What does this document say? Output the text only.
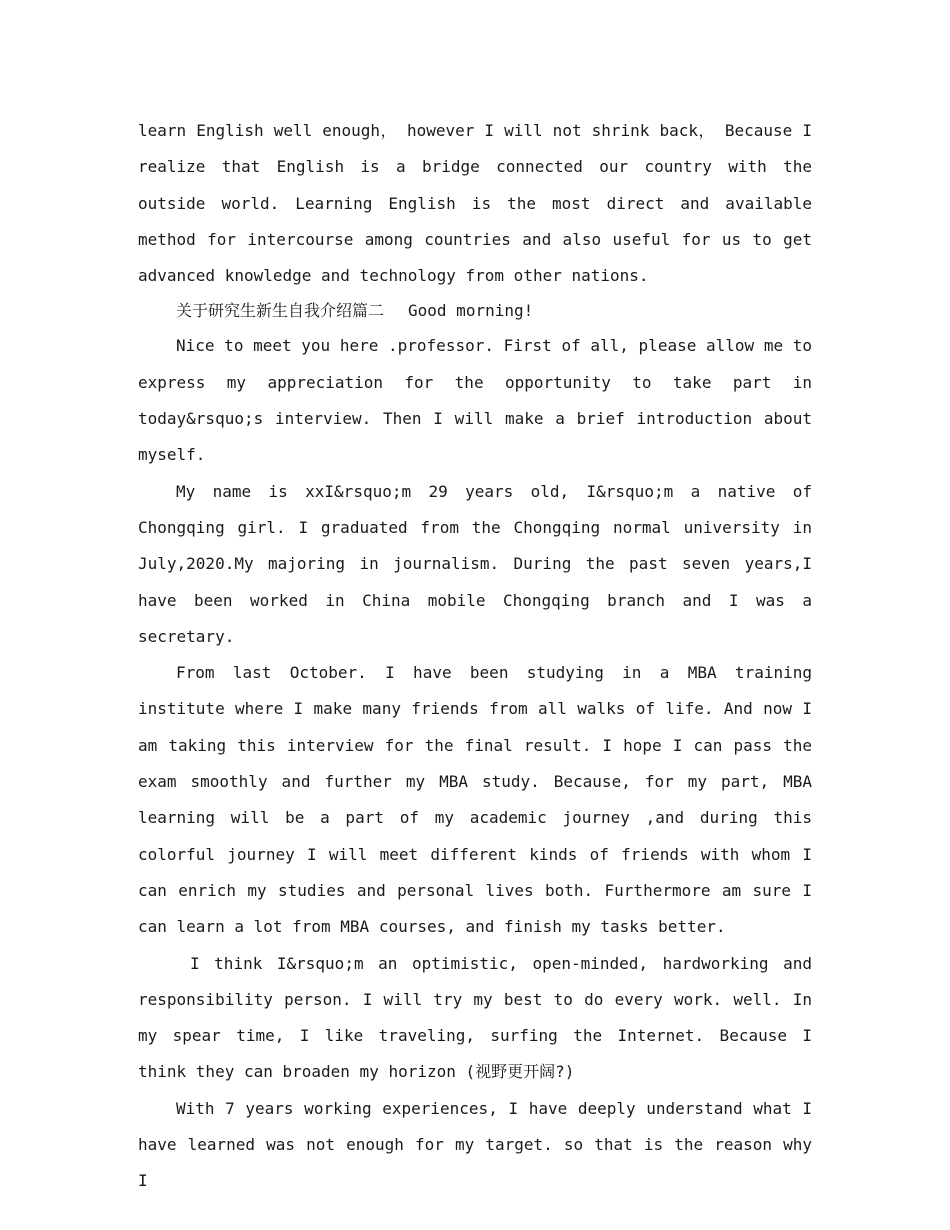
learn English well enough， however I will not shrink back， Because I realize that English is a bridge connected our country with the outside world. Learning English is the most direct and available method for intercourse among countries and also useful for us to get advanced knowledge and technology from other nations.

关于研究生新生自我介绍篇二 Good morning!

Nice to meet you here .professor. First of all, please allow me to express my appreciation for the opportunity to take part in today&rsquo;s interview. Then I will make a brief introduction about myself.

My name is xxI&rsquo;m 29 years old, I&rsquo;m a native of Chongqing girl. I graduated from the Chongqing normal university in July,2020.My majoring in journalism. During the past seven years,I have been worked in China mobile Chongqing branch and I was a secretary.

From last October. I have been studying in a MBA training institute where I make many friends from all walks of life. And now I am taking this interview for the final result. I hope I can pass the exam smoothly and further my MBA study. Because, for my part, MBA learning will be a part of my academic journey ,and during this colorful journey I will meet different kinds of friends with whom I can enrich my studies and personal lives both. Furthermore am sure I can learn a lot from MBA courses, and finish my tasks better.

I think I&rsquo;m an optimistic, open-minded, hardworking and responsibility person. I will try my best to do every work. well. In my spear time, I like traveling, surfing the Internet. Because I think they can broaden my horizon (视野更开阔?)

With 7 years working experiences, I have deeply understand what I have learned was not enough for my target. so that is the reason why I
